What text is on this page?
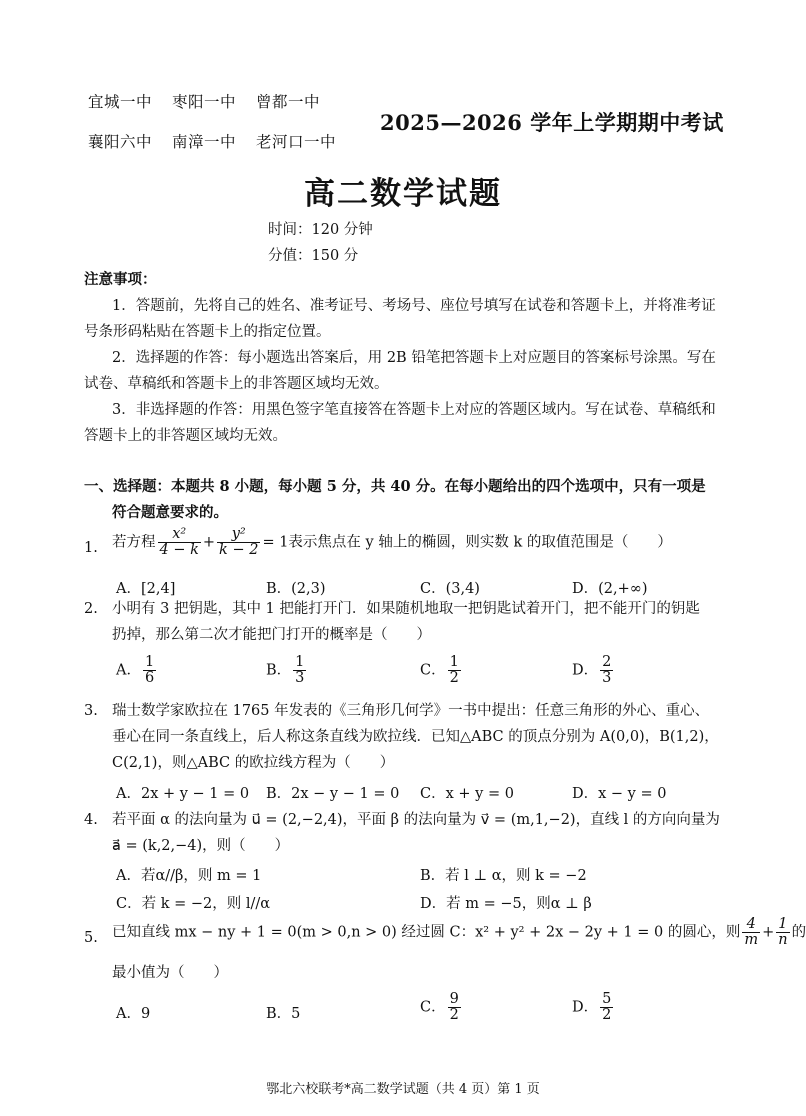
宜城一中 枣阳一中 曾都一中
襄阳六中 南漳一中 老河口一中
2025—2026 学年上学期期中考试
高二数学试题
时间：120 分钟
分值：150 分
注意事项：
1．答题前，先将自己的姓名、准考证号、考场号、座位号填写在试卷和答题卡上，并将准考证号条形码粘贴在答题卡上的指定位置。
2．选择题的作答：每小题选出答案后，用 2B 铅笔把答题卡上对应题目的答案标号涂黑。写在试卷、草稿纸和答题卡上的非答题区域均无效。
3．非选择题的作答：用黑色签字笔直接答在答题卡上对应的答题区域内。写在试卷、草稿纸和答题卡上的非答题区域均无效。
一、选择题：本题共 8 小题，每小题 5 分，共 40 分。在每小题给出的四个选项中，只有一项是
符合题意要求的。
1. 若方程 $\frac{\text{x²}}{4 - k} + \frac{\text{y²}}{k - 2} = 1$表示焦点在 y 轴上的椭圆，则实数 k 的取值范围是（　　）
A．[2,4]	B．(2,3)	C．(3,4)	D．(2,+∞)
2. 小明有 3 把钥匙，其中 1 把能打开门．如果随机地取一把钥匙试着开门，把不能开门的钥匙
扔掉，那么第二次才能把门打开的概率是（　　）
A． $\frac{1}{6}$	B． $\frac{1}{3}$	C． $\frac{1}{2}$	D． $\frac{2}{3}$
3. 瑞士数学家欧拉在 1765 年发表的《三角形几何学》一书中提出：任意三角形的外心、重心、
垂心在同一条直线上，后人称这条直线为欧拉线．已知△ABC 的顶点分别为 A(0,0)，B(1,2)，
C(2,1)，则△ABC 的欧拉线方程为（　　）
A．2x + y − 1 = 0 B．2x − y − 1 = 0 C．x + y = 0	D．x − y = 0
4. 若平面 α 的法向量为 u⃗ = (2,−2,4)，平面 β 的法向量为 v⃗ = (m,1,−2)，直线 l 的方向向量为
a⃗ = (k,2,−4)，则（　　）
A．若α//β，则 m = 1	B．若 l ⊥ α，则 k = −2
C．若 k = −2，则 l//α	D．若 m = −5，则α ⊥ β
5. 已知直线 mx − ny + 1 = 0(m > 0,n > 0) 经过圆 C：x² + y² + 2x − 2y + 1 = 0 的圆心，则 $\frac{4}{m} + \frac{1}{n}$ 的
最小值为（　　）
A．9	B．5	C． $\frac{9}{2}$	D． $\frac{5}{2}$
鄂北六校联考*高二数学试题（共 4 页）第 1 页
